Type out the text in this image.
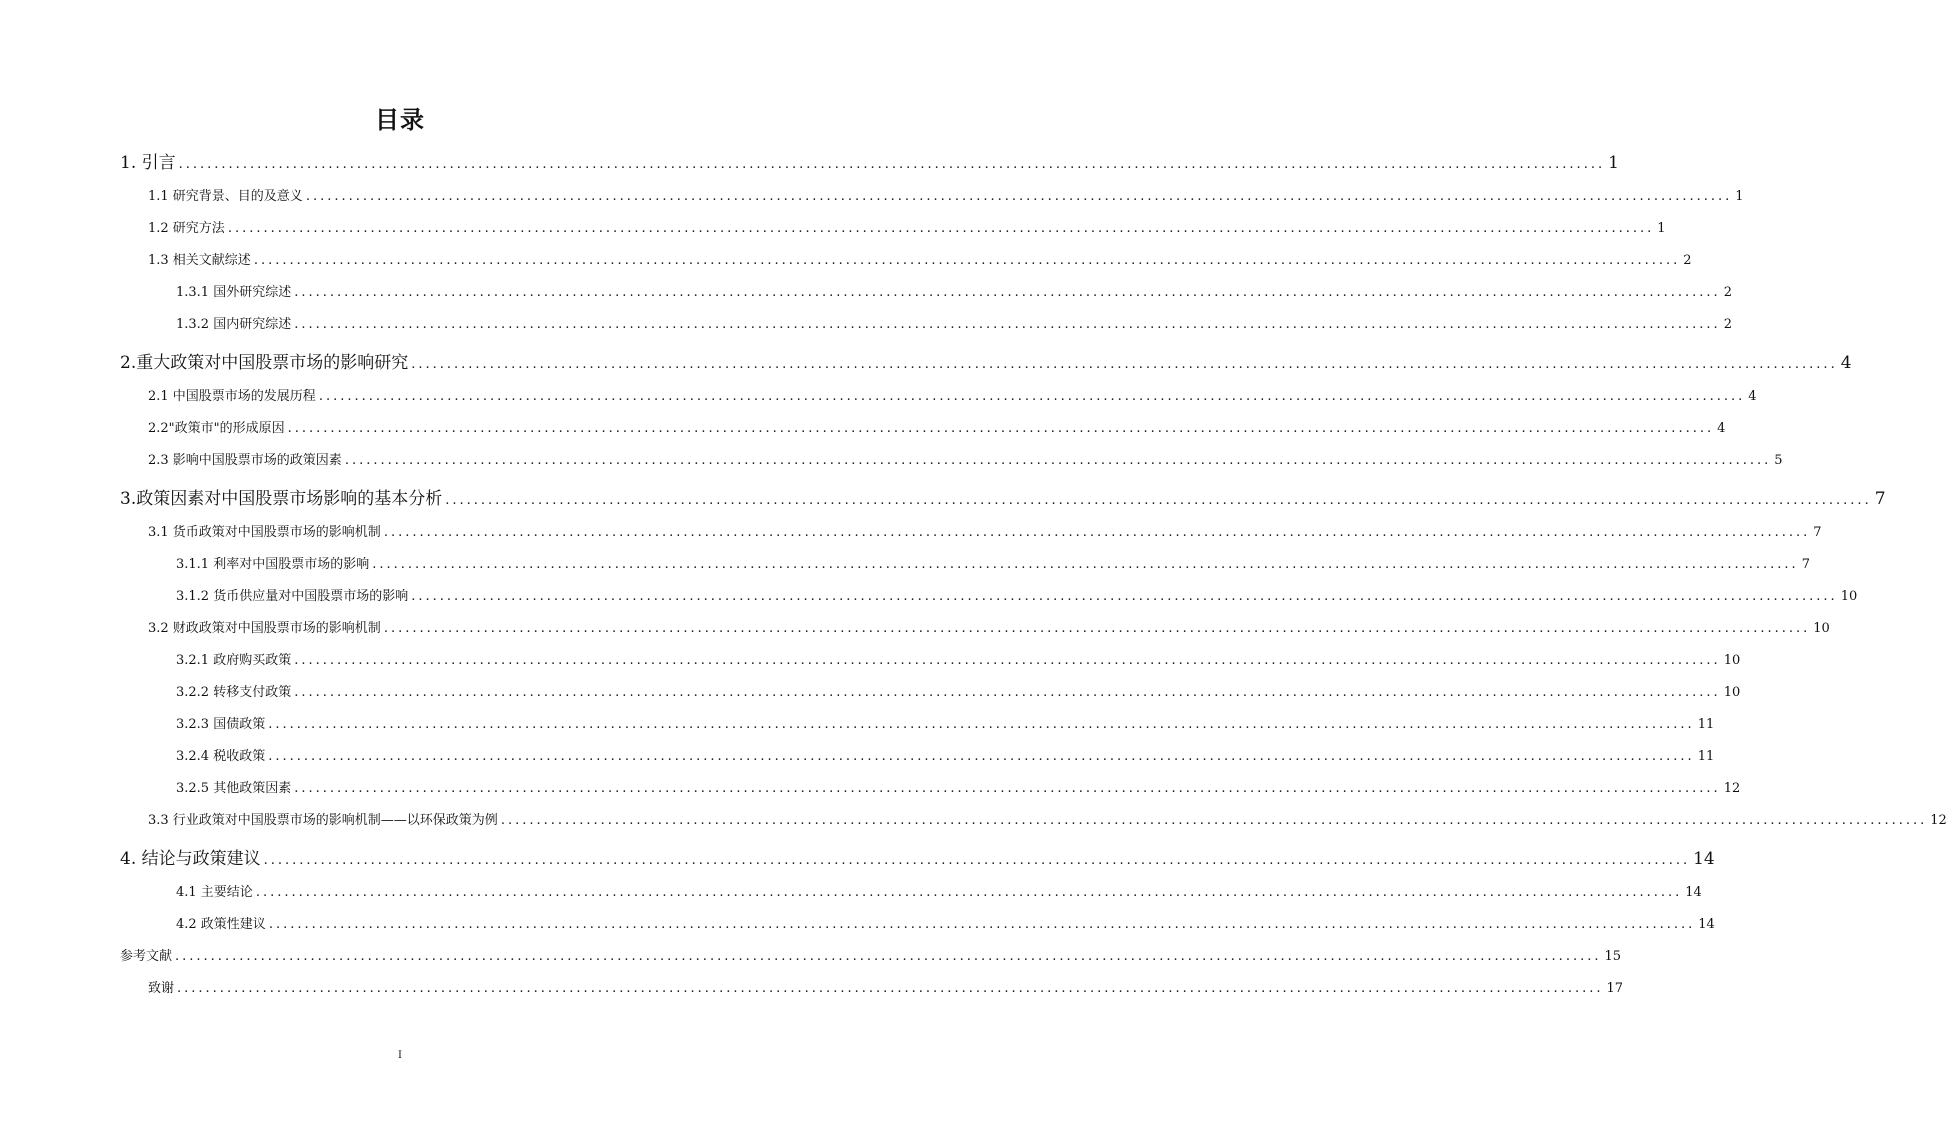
目录
1. 引言 ........................................................................................................................................................................................................ 1
1.1 研究背景、目的及意义 ........................................................................................................................................................................................................ 1
1.2 研究方法 ........................................................................................................................................................................................................ 1
1.3 相关文献综述 ........................................................................................................................................................................................................ 2
1.3.1 国外研究综述 ........................................................................................................................................................................................................ 2
1.3.2 国内研究综述 ........................................................................................................................................................................................................ 2
2.重大政策对中国股票市场的影响研究 ........................................................................................................................................................................................................ 4
2.1 中国股票市场的发展历程 ........................................................................................................................................................................................................ 4
2.2"政策市"的形成原因 ........................................................................................................................................................................................................ 4
2.3 影响中国股票市场的政策因素 ........................................................................................................................................................................................................ 5
3.政策因素对中国股票市场影响的基本分析 ........................................................................................................................................................................................................ 7
3.1 货币政策对中国股票市场的影响机制 ........................................................................................................................................................................................................ 7
3.1.1 利率对中国股票市场的影响 ........................................................................................................................................................................................................ 7
3.1.2 货币供应量对中国股票市场的影响 ........................................................................................................................................................................................................ 10
3.2 财政政策对中国股票市场的影响机制 ........................................................................................................................................................................................................ 10
3.2.1 政府购买政策 ........................................................................................................................................................................................................ 10
3.2.2 转移支付政策 ........................................................................................................................................................................................................ 10
3.2.3 国债政策 ........................................................................................................................................................................................................ 11
3.2.4 税收政策 ........................................................................................................................................................................................................ 11
3.2.5 其他政策因素 ........................................................................................................................................................................................................ 12
3.3 行业政策对中国股票市场的影响机制——以环保政策为例 ........................................................................................................................................................................................................ 12
4. 结论与政策建议 ........................................................................................................................................................................................................ 14
4.1 主要结论 ........................................................................................................................................................................................................ 14
4.2 政策性建议 ........................................................................................................................................................................................................ 14
参考文献 ........................................................................................................................................................................................................ 15
致谢 ........................................................................................................................................................................................................ 17
I
